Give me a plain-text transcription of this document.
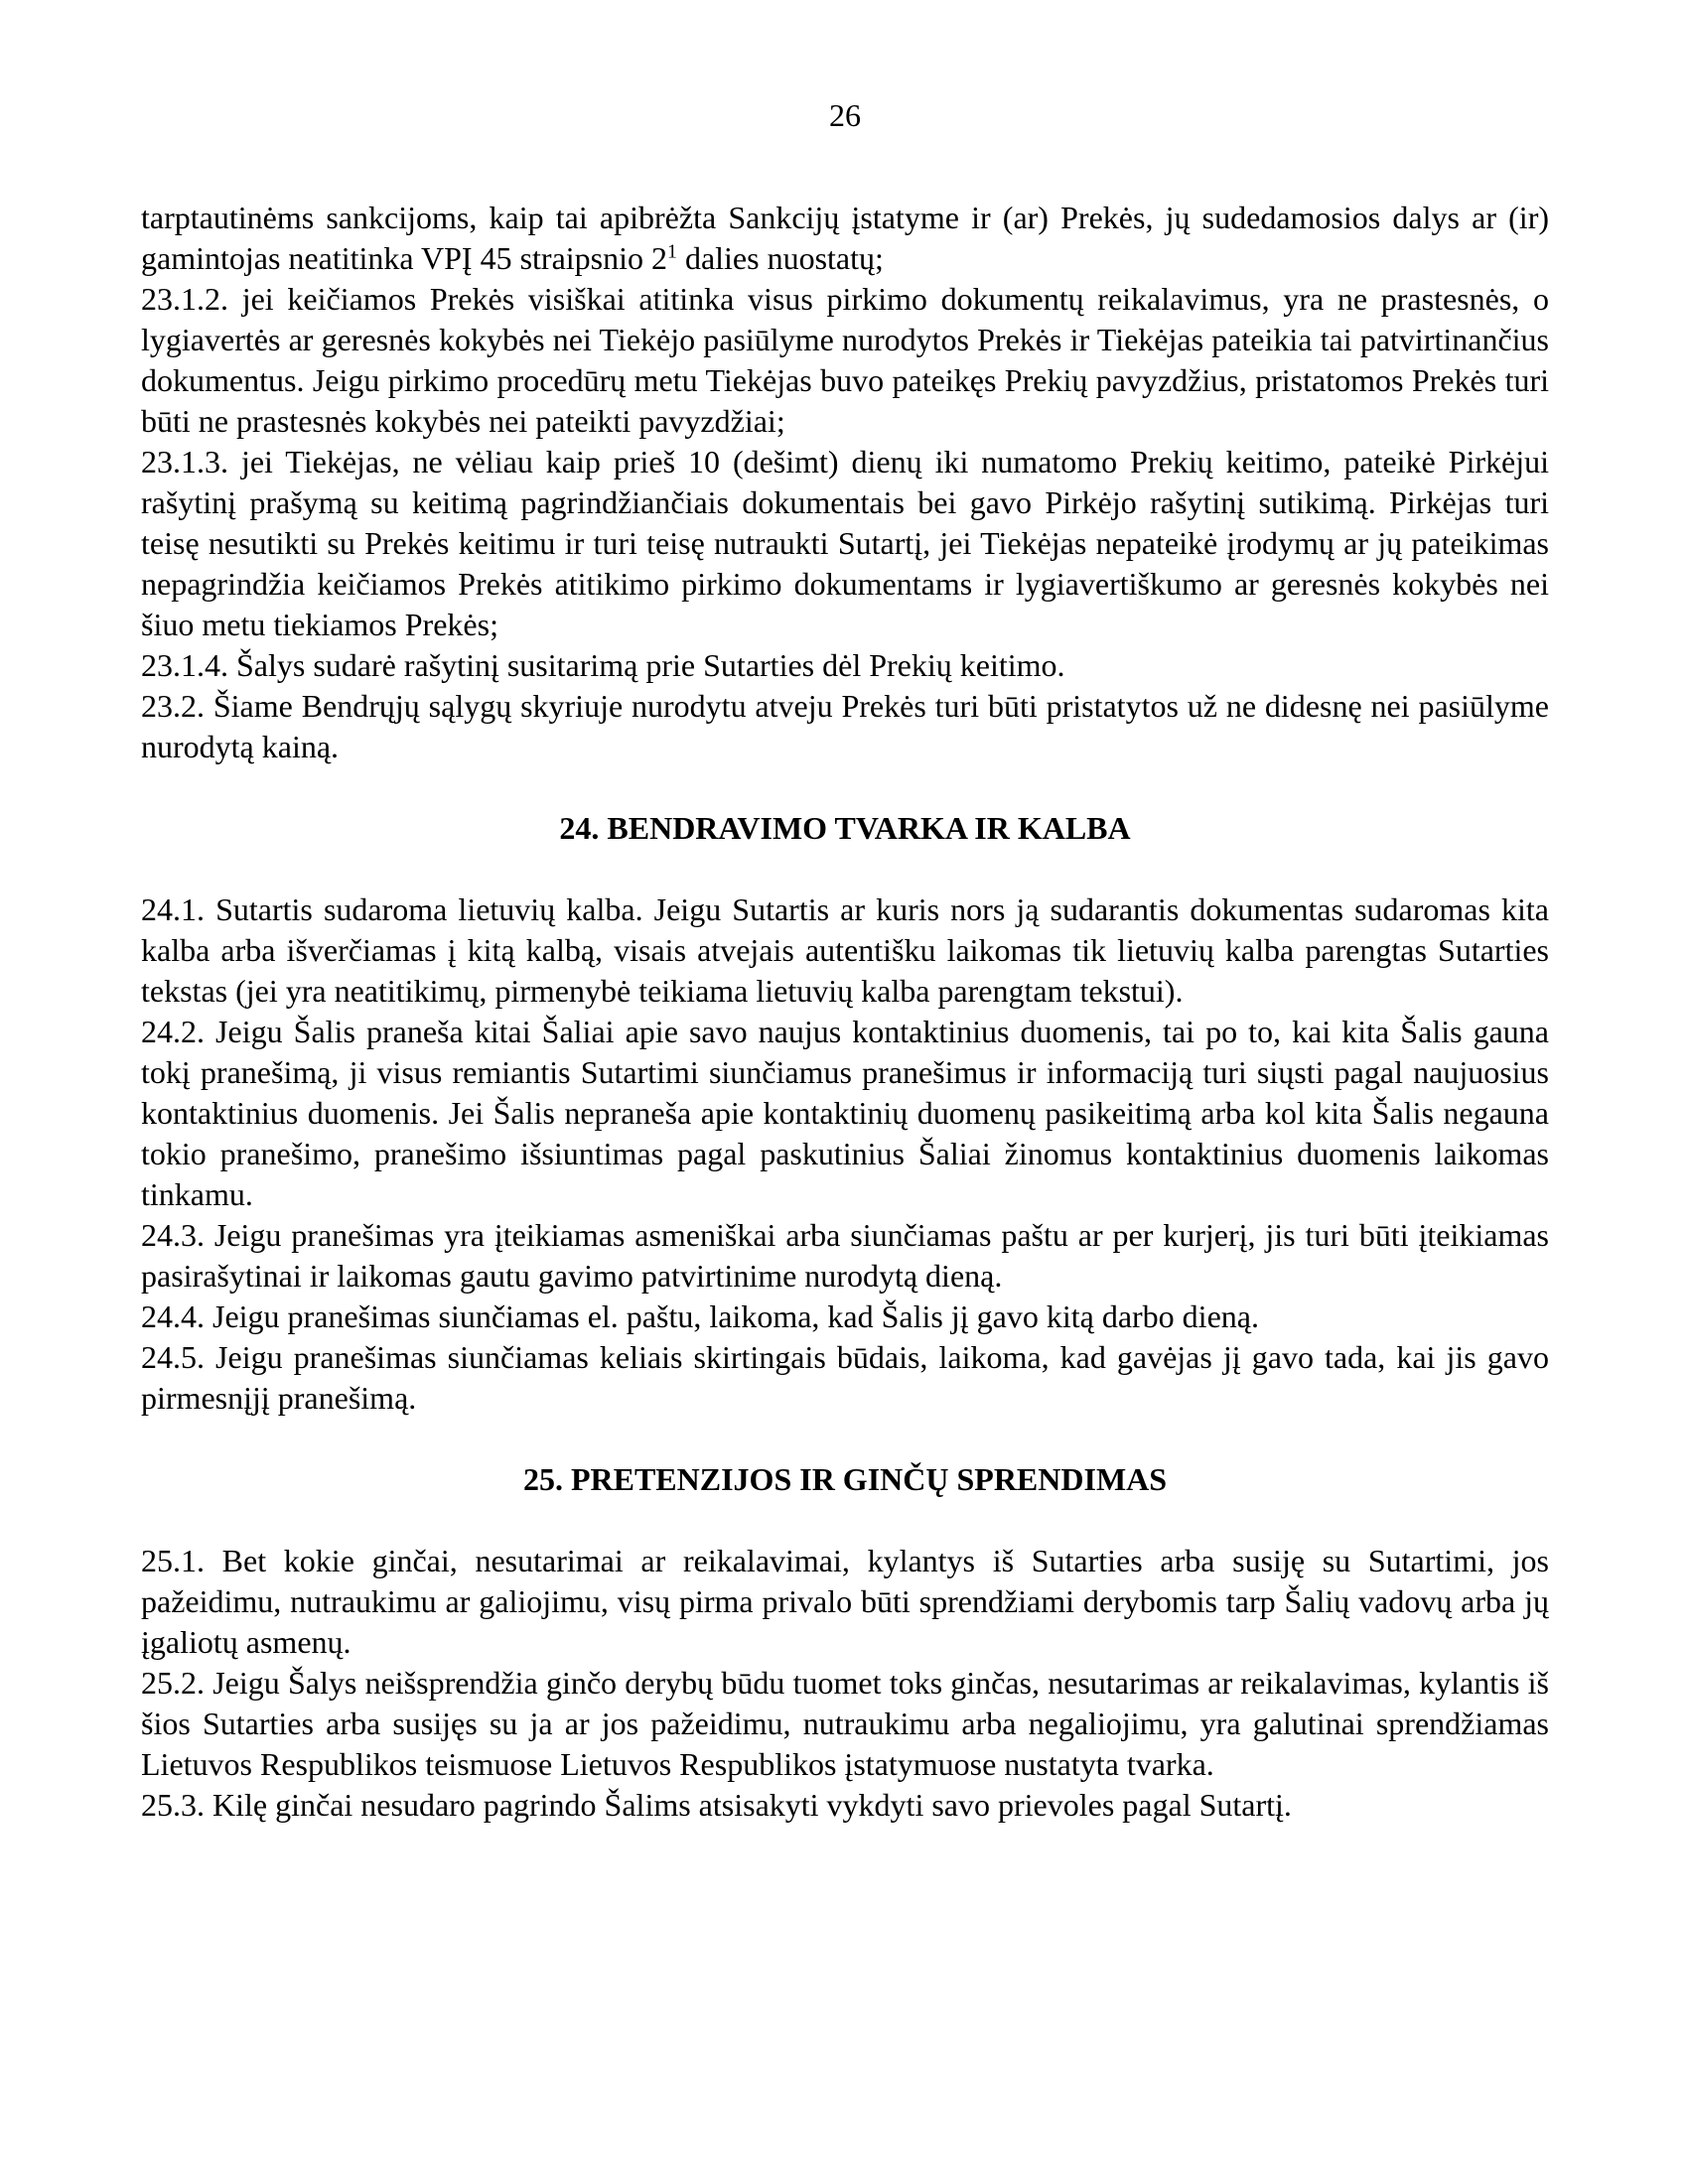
26

tarptautinėms sankcijoms, kaip tai apibrėžta Sankcijų įstatyme ir (ar) Prekės, jų sudedamosios dalys ar (ir) gamintojas neatitinka VPĮ 45 straipsnio $2^1$ dalies nuostatų;

23.1.2. jei keičiamos Prekės visiškai atitinka visus pirkimo dokumentų reikalavimus, yra ne prastesnės, o lygiavertės ar geresnės kokybės nei Tiekėjo pasiūlyme nurodytos Prekės ir Tiekėjas pateikia tai patvirtinančius dokumentus. Jeigu pirkimo procedūrų metu Tiekėjas buvo pateikęs Prekių pavyzdžius, pristatomos Prekės turi būti ne prastesnės kokybės nei pateikti pavyzdžiai;

23.1.3. jei Tiekėjas, ne vėliau kaip prieš 10 (dešimt) dienų iki numatomo Prekių keitimo, pateikė Pirkėjui rašytinį prašymą su keitimą pagrindžiančiais dokumentais bei gavo Pirkėjo rašytinį sutikimą. Pirkėjas turi teisę nesutikti su Prekės keitimu ir turi teisę nutraukti Sutartį, jei Tiekėjas nepateikė įrodymų ar jų pateikimas nepagrindžia keičiamos Prekės atitikimo pirkimo dokumentams ir lygiavertiškumo ar geresnės kokybės nei šiuo metu tiekiamos Prekės;

23.1.4. Šalys sudarė rašytinį susitarimą prie Sutarties dėl Prekių keitimo.

23.2. Šiame Bendrųjų sąlygų skyriuje nurodytu atveju Prekės turi būti pristatytos už ne didesnę nei pasiūlyme nurodytą kainą.

24. BENDRAVIMO TVARKA IR KALBA

24.1. Sutartis sudaroma lietuvių kalba. Jeigu Sutartis ar kuris nors ją sudarantis dokumentas sudaromas kita kalba arba išverčiamas į kitą kalbą, visais atvejais autentišku laikomas tik lietuvių kalba parengtas Sutarties tekstas (jei yra neatitikimų, pirmenybė teikiama lietuvių kalba parengtam tekstui).

24.2. Jeigu Šalis praneša kitai Šaliai apie savo naujus kontaktinius duomenis, tai po to, kai kita Šalis gauna tokį pranešimą, ji visus remiantis Sutartimi siunčiamus pranešimus ir informaciją turi siųsti pagal naujuosius kontaktinius duomenis. Jei Šalis nepraneša apie kontaktinių duomenų pasikeitimą arba kol kita Šalis negauna tokio pranešimo, pranešimo išsiuntimas pagal paskutinius Šaliai žinomus kontaktinius duomenis laikomas tinkamu.

24.3. Jeigu pranešimas yra įteikiamas asmeniškai arba siunčiamas paštu ar per kurjerį, jis turi būti įteikiamas pasirašytinai ir laikomas gautu gavimo patvirtinime nurodytą dieną.

24.4. Jeigu pranešimas siunčiamas el. paštu, laikoma, kad Šalis jį gavo kitą darbo dieną.

24.5. Jeigu pranešimas siunčiamas keliais skirtingais būdais, laikoma, kad gavėjas jį gavo tada, kai jis gavo pirmesnįjį pranešimą.

25. PRETENZIJOS IR GINČŲ SPRENDIMAS

25.1. Bet kokie ginčai, nesutarimai ar reikalavimai, kylantys iš Sutarties arba susiję su Sutartimi, jos pažeidimu, nutraukimu ar galiojimu, visų pirma privalo būti sprendžiami derybomis tarp Šalių vadovų arba jų įgaliotų asmenų.

25.2. Jeigu Šalys neišsprendžia ginčo derybų būdu tuomet toks ginčas, nesutarimas ar reikalavimas, kylantis iš šios Sutarties arba susijęs su ja ar jos pažeidimu, nutraukimu arba negaliojimu, yra galutinai sprendžiamas Lietuvos Respublikos teismuose Lietuvos Respublikos įstatymuose nustatyta tvarka.

25.3. Kilę ginčai nesudaro pagrindo Šalims atsisakyti vykdyti savo prievoles pagal Sutartį.
